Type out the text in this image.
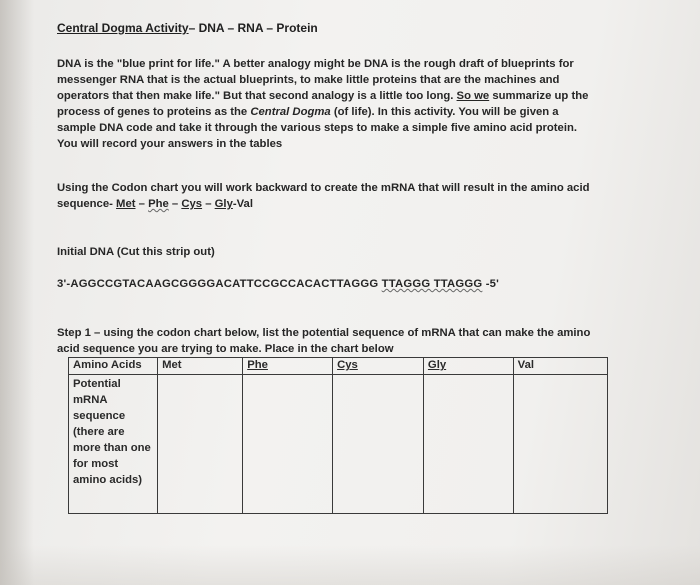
Central Dogma Activity– DNA – RNA – Protein

DNA is the "blue print for life." A better analogy might be DNA is the rough draft of blueprints for messenger RNA that is the actual blueprints, to make little proteins that are the machines and operators that then make life." But that second analogy is a little too long. So we summarize up the process of genes to proteins as the Central Dogma (of life). In this activity. You will be given a sample DNA code and take it through the various steps to make a simple five amino acid protein. You will record your answers in the tables

Using the Codon chart you will work backward to create the mRNA that will result in the amino acid sequence- Met – Phe – Cys – Gly-Val

Initial DNA (Cut this strip out)

3'-AGGCCGTACAAGCGGGGACATTCCGCCACACTTAGGG TTAGGG TTAGGG -5'

Step 1 – using the codon chart below, list the potential sequence of mRNA that can make the amino acid sequence you are trying to make. Place in the chart below

Amino Acids	Met	Phe	Cys	Gly	Val
Potential mRNA sequence (there are more than one for most amino acids)					
